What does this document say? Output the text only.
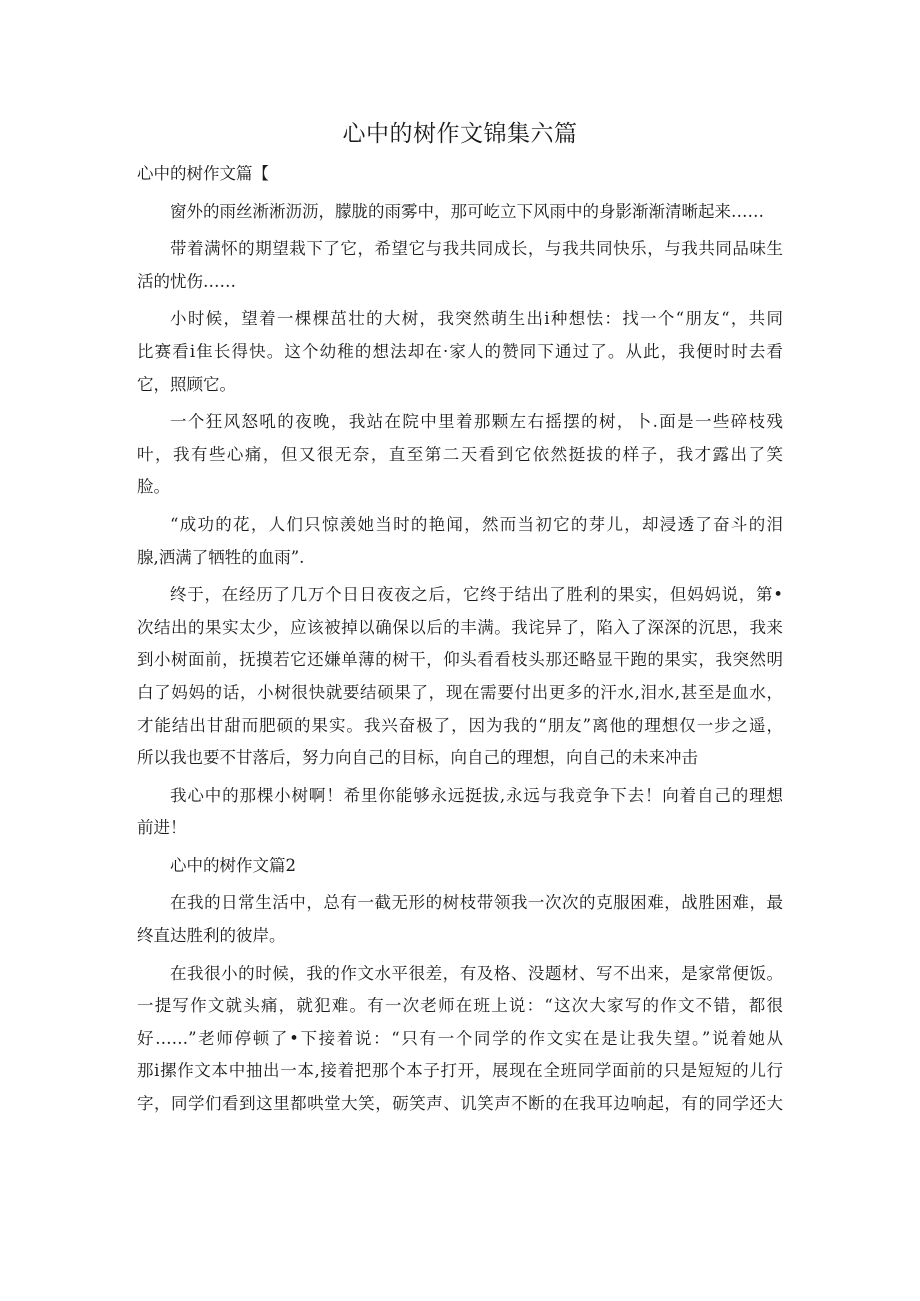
心中的树作文锦集六篇
心中的树作文篇【

窗外的雨丝淅淅沥沥，朦胧的雨雾中，那可屹立下风雨中的身影渐渐清晰起来……

带着满怀的期望栽下了它，希望它与我共同成长，与我共同快乐，与我共同品味生
活的忧伤……

小时候，望着一棵棵茁壮的大树，我突然萌生出i种想怯：找一个“朋友“，共同
比赛看i隹长得快。这个幼稚的想法却在·家人的赞同下通过了。从此，我便时时去看
它，照顾它。

一个狂风怒吼的夜晚，我站在院中里着那颗左右摇摆的树，卜.面是一些碎枝残
叶，我有些心痛，但又很无奈，直至第二天看到它依然挺拔的样子，我才露出了笑
脸。

“成功的花，人们只惊羡她当时的艳闻，然而当初它的芽儿，却浸透了奋斗的泪
腺,洒满了牺牲的血雨”.

终于，在经历了几万个日日夜夜之后，它终于结出了胜利的果实，但妈妈说，第•
次结出的果实太少，应该被掉以确保以后的丰满。我诧异了，陷入了深深的沉思，我来
到小树面前，抚摸若它还嫌单薄的树干，仰头看看枝头那还略显干跑的果实，我突然明
白了妈妈的话，小树很快就要结硕果了，现在需要付出更多的汗水,泪水,甚至是血水，
才能结出甘甜而肥硕的果实。我兴奋极了，因为我的“朋友”离他的理想仅一步之遥，
所以我也要不甘落后，努力向自己的目标，向自己的理想，向自己的未来冲击

我心中的那棵小树啊！希里你能够永远挺拔,永远与我竞争下去！向着自己的理想
前进！

心中的树作文篇2

在我的日常生活中，总有一截无形的树枝带领我一次次的克服困难，战胜困难，最
终直达胜利的彼岸。

在我很小的时候，我的作文水平很差，有及格、没题材、写不出来，是家常便饭。
一提写作文就头痛，就犯难。有一次老师在班上说：“这次大家写的作文不错，都很
好……”老师停顿了•下接着说：“只有一个同学的作文实在是让我失望。”说着她从
那i摞作文本中抽出一本,接着把那个本子打开，展现在全班同学面前的只是短短的儿行
字，同学们看到这里都哄堂大笑，砺笑声、讥笑声不断的在我耳边响起，有的同学还大
